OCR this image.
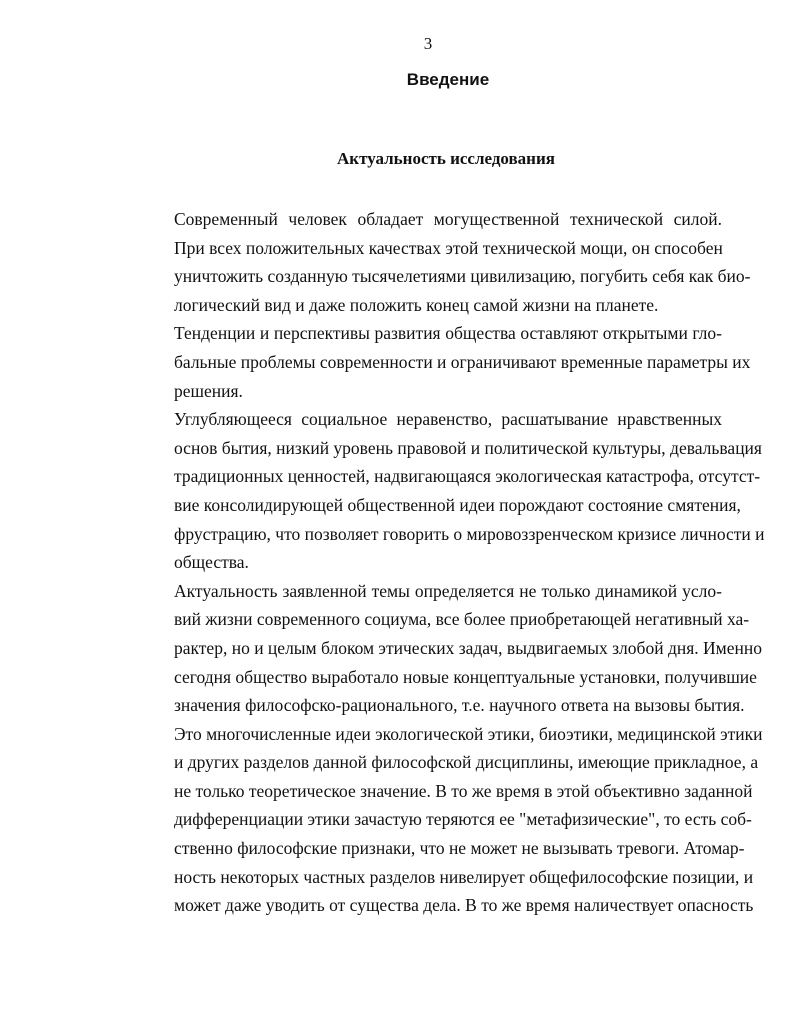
3
Введение
Актуальность исследования

Современный человек обладает могущественной технической силой.
При всех положительных качествах этой технической мощи, он способен
уничтожить созданную тысячелетиями цивилизацию, погубить себя как био-
логический вид и даже положить конец самой жизни на планете.

Тенденции и перспективы развития общества оставляют открытыми гло-
бальные проблемы современности и ограничивают временные параметры их
решения.

Углубляющееся социальное неравенство, расшатывание нравственных
основ бытия, низкий уровень правовой и политической культуры, девальвация
традиционных ценностей, надвигающаяся экологическая катастрофа, отсутст-
вие консолидирующей общественной идеи порождают состояние смятения,
фрустрацию, что позволяет говорить о мировоззренческом кризисе личности и
общества.

Актуальность заявленной темы определяется не только динамикой усло-
вий жизни современного социума, все более приобретающей негативный ха-
рактер, но и целым блоком этических задач, выдвигаемых злобой дня. Именно
сегодня общество выработало новые концептуальные установки, получившие
значения философско-рационального, т.е. научного ответа на вызовы бытия.
Это многочисленные идеи экологической этики, биоэтики, медицинской этики
и других разделов данной философской дисциплины, имеющие прикладное, а
не только теоретическое значение. В то же время в этой объективно заданной
дифференциации этики зачастую теряются ее "метафизические", то есть соб-
ственно философские признаки, что не может не вызывать тревоги. Атомар-
ность некоторых частных разделов нивелирует общефилософские позиции, и
может даже уводить от существа дела. В то же время наличествует опасность
